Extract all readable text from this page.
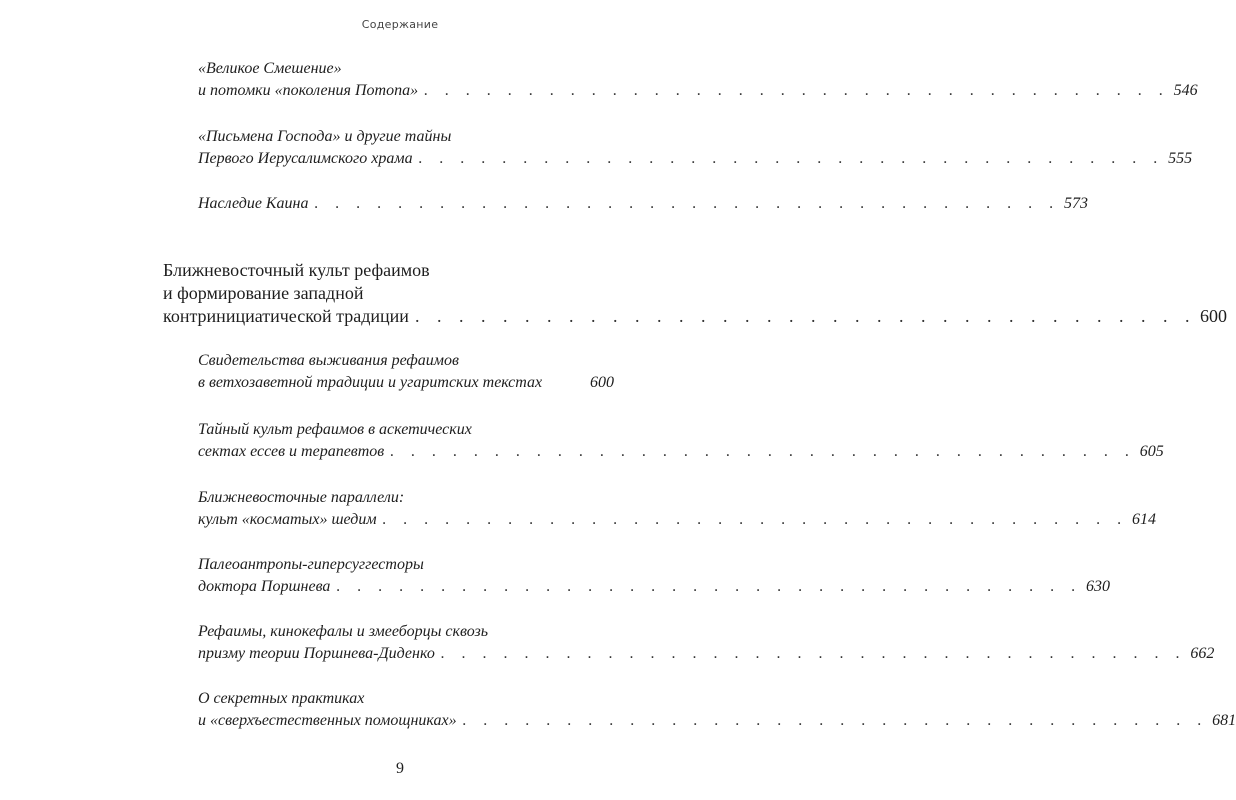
Содержание
«Великое Смешение»
и потомки «поколения Потопа» . . . . . . . . . . . . . . . . . . . . . . . . . . . . . . . . . . . . 546
«Письмена Господа» и другие тайны
Первого Иерусалимского храма . . . . . . . . . . . . . . . . . . . . . . . . . . . . . . . . . . . . 555
Наследие Каина . . . . . . . . . . . . . . . . . . . . . . . . . . . . . . . . . . . . 573
Ближневосточный культ рефаимов
и формирование западной
контринициатической традиции . . . . . . . . . . . . . . . . . . . . . . . . . . . . . . . . . . . . 600
Свидетельства выживания рефаимов
в ветхозаветной традиции и угаритских текстах	600
Тайный культ рефаимов в аскетических
сектах ессев и терапевтов . . . . . . . . . . . . . . . . . . . . . . . . . . . . . . . . . . . . 605
Ближневосточные параллели:
культ «косматых» шедим . . . . . . . . . . . . . . . . . . . . . . . . . . . . . . . . . . . . 614
Палеоантропы-гиперсуггесторы
доктора Поршнева . . . . . . . . . . . . . . . . . . . . . . . . . . . . . . . . . . . . 630
Рефаимы, кинокефалы и змееборцы сквозь
призму теории Поршнева-Диденко . . . . . . . . . . . . . . . . . . . . . . . . . . . . . . . . . . . . 662
О секретных практиках
и «сверхъестественных помощниках» . . . . . . . . . . . . . . . . . . . . . . . . . . . . . . . . . . . . 681
9
